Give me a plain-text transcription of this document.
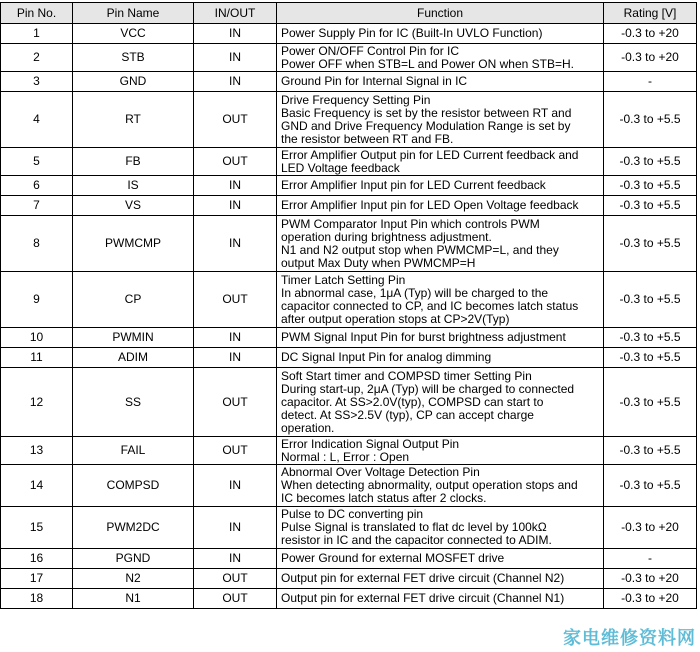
Pin No.	Pin Name	IN/OUT	Function	Rating [V]
1	VCC	IN	Power Supply Pin for IC (Built-In UVLO Function)	-0.3 to +20
2	STB	IN	Power ON/OFF Control Pin for IC
Power OFF when STB=L and Power ON when STB=H.	-0.3 to +20
3	GND	IN	Ground Pin for Internal Signal in IC	-
4	RT	OUT	Drive Frequency Setting Pin
Basic Frequency is set by the resistor between RT and
GND and Drive Frequency Modulation Range is set by
the resistor between RT and FB.	-0.3 to +5.5
5	FB	OUT	Error Amplifier Output pin for LED Current feedback and
LED Voltage feedback	-0.3 to +5.5
6	IS	IN	Error Amplifier Input pin for LED Current feedback	-0.3 to +5.5
7	VS	IN	Error Amplifier Input pin for LED Open Voltage feedback	-0.3 to +5.5
8	PWMCMP	IN	PWM Comparator Input Pin which controls PWM
operation during brightness adjustment.
N1 and N2 output stop when PWMCMP=L, and they
output Max Duty when PWMCMP=H	-0.3 to +5.5
9	CP	OUT	Timer Latch Setting Pin
In abnormal case, 1μA (Typ) will be charged to the
capacitor connected to CP, and IC becomes latch status
after output operation stops at CP>2V(Typ)	-0.3 to +5.5
10	PWMIN	IN	PWM Signal Input Pin for burst brightness adjustment	-0.3 to +5.5
11	ADIM	IN	DC Signal Input Pin for analog dimming	-0.3 to +5.5
12	SS	OUT	Soft Start timer and COMPSD timer Setting Pin
During start-up, 2μA (Typ) will be charged to connected
capacitor. At SS>2.0V(typ), COMPSD can start to
detect. At SS>2.5V (typ), CP can accept charge
operation.	-0.3 to +5.5
13	FAIL	OUT	Error Indication Signal Output Pin
Normal : L, Error : Open	-0.3 to +5.5
14	COMPSD	IN	Abnormal Over Voltage Detection Pin
When detecting abnormality, output operation stops and
IC becomes latch status after 2 clocks.	-0.3 to +5.5
15	PWM2DC	IN	Pulse to DC converting pin
Pulse Signal is translated to flat dc level by 100kΩ
resistor in IC and the capacitor connected to ADIM.	-0.3 to +20
16	PGND	IN	Power Ground for external MOSFET drive	-
17	N2	OUT	Output pin for external FET drive circuit (Channel N2)	-0.3 to +20
18	N1	OUT	Output pin for external FET drive circuit (Channel N1)	-0.3 to +20
家电维修资料网
